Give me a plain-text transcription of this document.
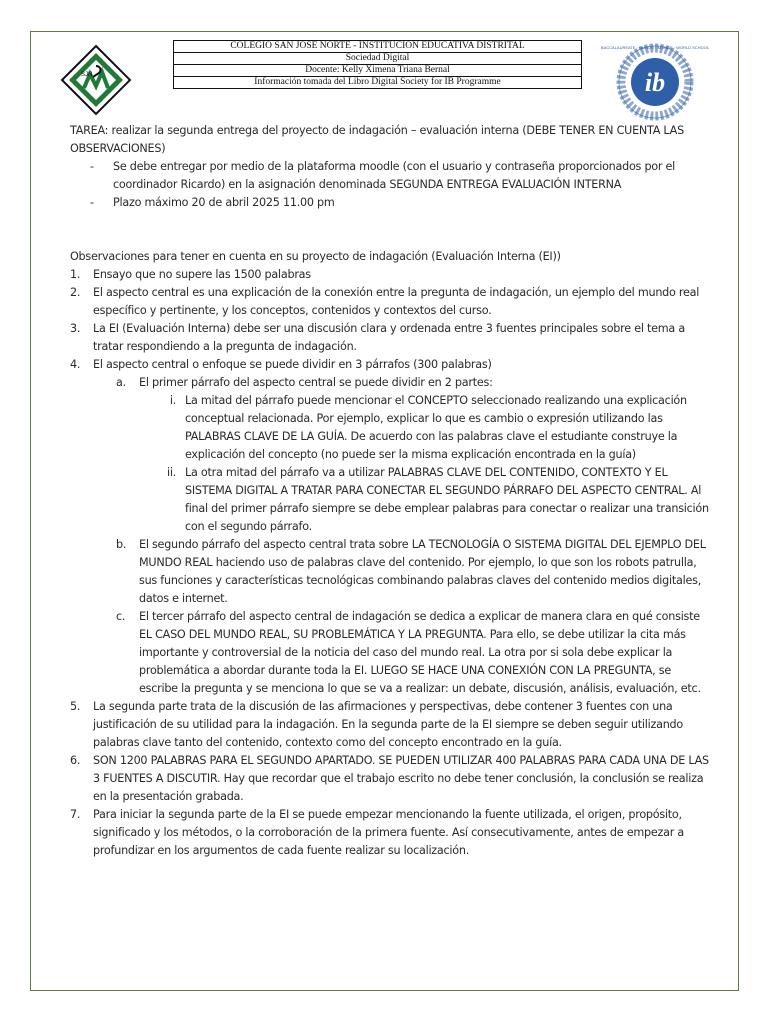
SJN	ib
BACCALAUREATE · MUNDO · MONDE · WORLD SCHOOL
COLEGIO SAN JOSE NORTE - INSTITUCION EDUCATIVA DISTRITAL
Sociedad Digital
Docente: Kelly Ximena Triana Bernal
Información tomada del Libro Digital Society for IB Programme

TAREA: realizar la segunda entrega del proyecto de indagación – evaluación interna (DEBE TENER EN CUENTA LAS OBSERVACIONES)

-	Se debe entregar por medio de la plataforma moodle (con el usuario y contraseña proporcionados por el coordinador Ricardo) en la asignación denominada SEGUNDA ENTREGA EVALUACIÓN INTERNA
-	Plazo máximo 20 de abril 2025 11.00 pm

Observaciones para tener en cuenta en su proyecto de indagación (Evaluación Interna (EI))

1.	Ensayo que no supere las 1500 palabras
2.	El aspecto central es una explicación de la conexión entre la pregunta de indagación, un ejemplo del mundo real específico y pertinente, y los conceptos, contenidos y contextos del curso.
3.	La EI (Evaluación Interna) debe ser una discusión clara y ordenada entre 3 fuentes principales sobre el tema a tratar respondiendo a la pregunta de indagación.
4.	El aspecto central o enfoque se puede dividir en 3 párrafos (300 palabras)
a.	El primer párrafo del aspecto central se puede dividir en 2 partes:
i. La mitad del párrafo puede mencionar el CONCEPTO seleccionado realizando una explicación conceptual relacionada. Por ejemplo, explicar lo que es cambio o expresión utilizando las PALABRAS CLAVE DE LA GUÍA. De acuerdo con las palabras clave el estudiante construye la explicación del concepto (no puede ser la misma explicación encontrada en la guía)
ii. La otra mitad del párrafo va a utilizar PALABRAS CLAVE DEL CONTENIDO, CONTEXTO Y EL SISTEMA DIGITAL A TRATAR PARA CONECTAR EL SEGUNDO PÁRRAFO DEL ASPECTO CENTRAL. Al final del primer párrafo siempre se debe emplear palabras para conectar o realizar una transición con el segundo párrafo.
b.	El segundo párrafo del aspecto central trata sobre LA TECNOLOGÍA O SISTEMA DIGITAL DEL EJEMPLO DEL MUNDO REAL haciendo uso de palabras clave del contenido. Por ejemplo, lo que son los robots patrulla, sus funciones y características tecnológicas combinando palabras claves del contenido medios digitales, datos e internet.
c.	El tercer párrafo del aspecto central de indagación se dedica a explicar de manera clara en qué consiste EL CASO DEL MUNDO REAL, SU PROBLEMÁTICA Y LA PREGUNTA. Para ello, se debe utilizar la cita más importante y controversial de la noticia del caso del mundo real. La otra por si sola debe explicar la problemática a abordar durante toda la EI. LUEGO SE HACE UNA CONEXIÓN CON LA PREGUNTA, se escribe la pregunta y se menciona lo que se va a realizar: un debate, discusión, análisis, evaluación, etc.
5.	La segunda parte trata de la discusión de las afirmaciones y perspectivas, debe contener 3 fuentes con una justificación de su utilidad para la indagación. En la segunda parte de la EI siempre se deben seguir utilizando palabras clave tanto del contenido, contexto como del concepto encontrado en la guía.
6.	SON 1200 PALABRAS PARA EL SEGUNDO APARTADO. SE PUEDEN UTILIZAR 400 PALABRAS PARA CADA UNA DE LAS 3 FUENTES A DISCUTIR. Hay que recordar que el trabajo escrito no debe tener conclusión, la conclusión se realiza en la presentación grabada.
7.	Para iniciar la segunda parte de la EI se puede empezar mencionando la fuente utilizada, el origen, propósito, significado y los métodos, o la corroboración de la primera fuente. Así consecutivamente, antes de empezar a profundizar en los argumentos de cada fuente realizar su localización.
